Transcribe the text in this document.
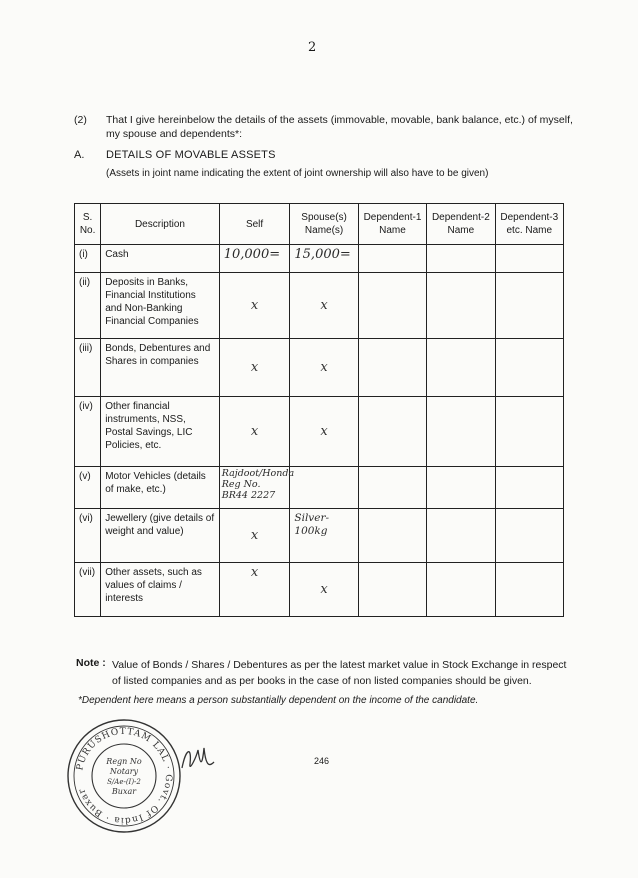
2
(2) That I give hereinbelow the details of the assets (immovable, movable, bank balance, etc.) of myself, my spouse and dependents*:
A. DETAILS OF MOVABLE ASSETS
(Assets in joint name indicating the extent of joint ownership will also have to be given)
S. No.	Description	Self	Spouse(s) Name(s)	Dependent-1 Name	Dependent-2 Name	Dependent-3 etc. Name
(i)	Cash	10,000=	15,000=			
(ii)	Deposits in Banks, Financial Institutions and Non-Banking Financial Companies	x	x			

(iii)	Bonds, Debentures and Shares in companies	x	x			

(iv)	Other financial instruments, NSS, Postal Savings, LIC Policies, etc.	x	x			

(v)	Motor Vehicles (details of make, etc.)	Rajdoot/Honda Reg No. BR44 2227				

(vi)	Jewellery (give details of weight and value)	x	Silver-100kg			
(vii)	Other assets, such as values of claims / interests	x	x			

Note : Value of Bonds / Shares / Debentures as per the latest market value in Stock Exchange in respect of listed companies and as per books in the case of non listed companies should be given.
*Dependent here means a person substantially dependent on the income of the candidate.
246
PURUSHOTTAM LAL · Govt. Of India · Buxar
Regn No
Notary
S/Ae-(I)-2
Buxar
